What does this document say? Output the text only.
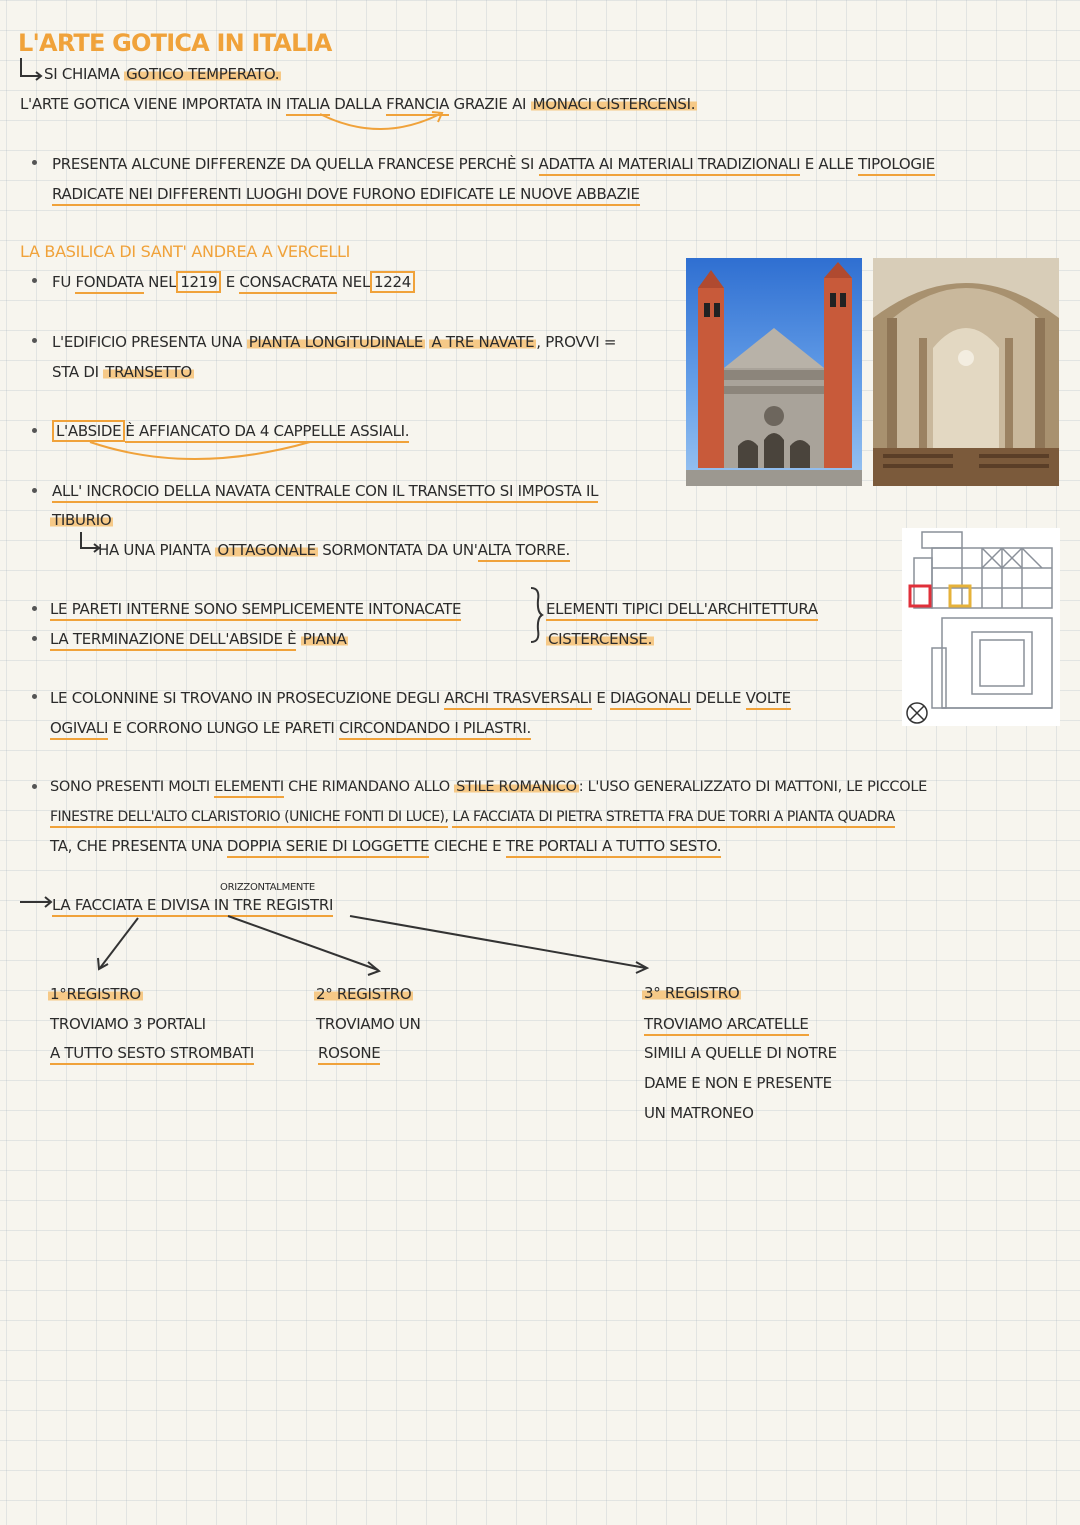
L'ARTE GOTICA IN ITALIA
SI CHIAMA GOTICO TEMPERATO.
L'ARTE GOTICA VIENE IMPORTATA IN ITALIA DALLA FRANCIA GRAZIE AI MONACI CISTERCENSI.
PRESENTA ALCUNE DIFFERENZE DA QUELLA FRANCESE PERCHÈ SI ADATTA AI MATERIALI TRADIZIONALI E ALLE TIPOLOGIE
RADICATE NEI DIFFERENTI LUOGHI DOVE FURONO EDIFICATE LE NUOVE ABBAZIE
LA BASILICA DI SANT' ANDREA A VERCELLI
FU FONDATA NEL 1219 E CONSACRATA NEL 1224
L'EDIFICIO PRESENTA UNA PIANTA LONGITUDINALE A TRE NAVATE , PROVVI =
STA DI TRANSETTO
L'ABSIDE È AFFIANCATO DA 4 CAPPELLE ASSIALI.
ALL' INCROCIO DELLA NAVATA CENTRALE CON IL TRANSETTO SI IMPOSTA IL
TIBURIO
HA UNA PIANTA OTTAGONALE SORMONTATA DA UN'ALTA TORRE.
LE PARETI INTERNE SONO SEMPLICEMENTE INTONACATE
LA TERMINAZIONE DELL'ABSIDE È PIANA
ELEMENTI TIPICI DELL'ARCHITETTURA
CISTERCENSE.
LE COLONNINE SI TROVANO IN PROSECUZIONE DEGLI ARCHI TRASVERSALI E DIAGONALI DELLE VOLTE
OGIVALI E CORRONO LUNGO LE PARETI CIRCONDANDO I PILASTRI.
SONO PRESENTI MOLTI ELEMENTI CHE RIMANDANO ALLO STILE ROMANICO : L'USO GENERALIZZATO DI MATTONI, LE PICCOLE
FINESTRE DELL'ALTO CLARISTORIO (UNICHE FONTI DI LUCE), LA FACCIATA DI PIETRA STRETTA FRA DUE TORRI A PIANTA QUADRA
TA, CHE PRESENTA UNA DOPPIA SERIE DI LOGGETTE CIECHE E TRE PORTALI A TUTTO SESTO.
ORIZZONTALMENTE
LA FACCIATA E DIVISA IN TRE REGISTRI
1°REGISTRO
TROVIAMO 3 PORTALI
A TUTTO SESTO STROMBATI
2° REGISTRO
TROVIAMO UN
ROSONE
3° REGISTRO
TROVIAMO ARCATELLE
SIMILI A QUELLE DI NOTRE
DAME E NON E PRESENTE
UN MATRONEO
